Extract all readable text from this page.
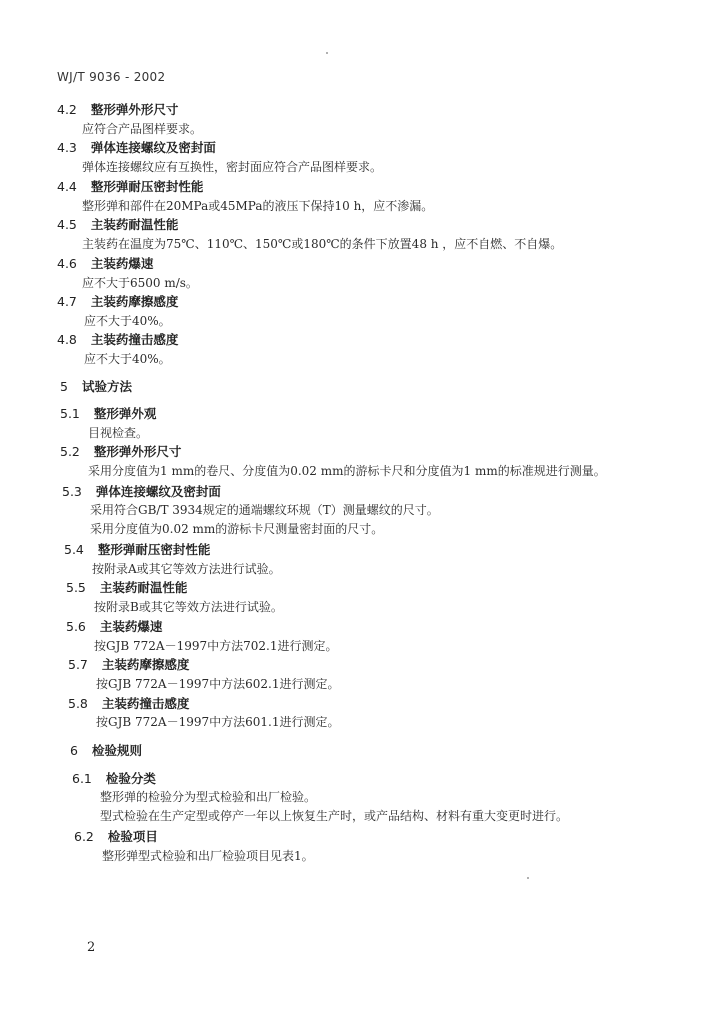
WJ/T 9036 - 2002
4.2 整形弹外形尺寸
应符合产品图样要求。
4.3 弹体连接螺纹及密封面
弹体连接螺纹应有互换性，密封面应符合产品图样要求。
4.4 整形弹耐压密封性能
整形弹和部件在20MPa或45MPa的液压下保持10 h，应不渗漏。
4.5 主装药耐温性能
主装药在温度为75℃、110℃、150℃或180℃的条件下放置48 h ，应不自燃、不自爆。
4.6 主装药爆速
应不大于6500 m/s。
4.7 主装药摩擦感度
应不大于40%。
4.8 主装药撞击感度
应不大于40%。
5 试验方法
5.1 整形弹外观
目视检查。
5.2 整形弹外形尺寸
采用分度值为1 mm的卷尺、分度值为0.02 mm的游标卡尺和分度值为1 mm的标准规进行测量。
5.3 弹体连接螺纹及密封面
采用符合GB/T 3934规定的通端螺纹环规（T）测量螺纹的尺寸。
采用分度值为0.02 mm的游标卡尺测量密封面的尺寸。
5.4 整形弹耐压密封性能
按附录A或其它等效方法进行试验。
5.5 主装药耐温性能
按附录B或其它等效方法进行试验。
5.6 主装药爆速
按GJB 772A－1997中方法702.1进行测定。
5.7 主装药摩擦感度
按GJB 772A－1997中方法602.1进行测定。
5.8 主装药撞击感度
按GJB 772A－1997中方法601.1进行测定。
6 检验规则
6.1 检验分类
整形弹的检验分为型式检验和出厂检验。
型式检验在生产定型或停产一年以上恢复生产时，或产品结构、材料有重大变更时进行。
6.2 检验项目
整形弹型式检验和出厂检验项目见表1。
2
